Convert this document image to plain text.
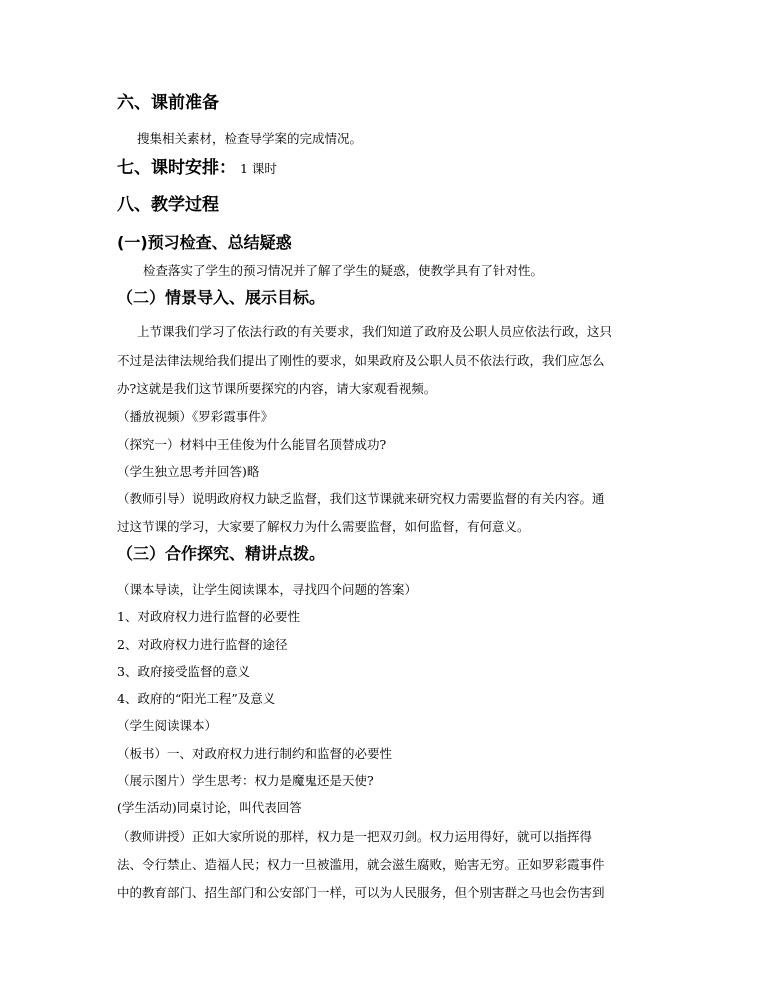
六、课前准备
搜集相关素材，检查导学案的完成情况。
七、课时安排： 1 课时
八、教学过程
(一)预习检查、总结疑惑
检查落实了学生的预习情况并了解了学生的疑惑，使教学具有了针对性。
（二）情景导入、展示目标。
上节课我们学习了依法行政的有关要求，我们知道了政府及公职人员应依法行政，这只
不过是法律法规给我们提出了刚性的要求，如果政府及公职人员不依法行政，我们应怎么
办?这就是我们这节课所要探究的内容，请大家观看视频。
（播放视频）《罗彩霞事件》
（探究一）材料中王佳俊为什么能冒名顶替成功?
（学生独立思考并回答)略
（教师引导）说明政府权力缺乏监督，我们这节课就来研究权力需要监督的有关内容。通
过这节课的学习，大家要了解权力为什么需要监督，如何监督，有何意义。
（三）合作探究、精讲点拨。
（课本导读，让学生阅读课本，寻找四个问题的答案）
1、对政府权力进行监督的必要性
2、对政府权力进行监督的途径
3、政府接受监督的意义
4、政府的“阳光工程”及意义
（学生阅读课本）
（板书）一、对政府权力进行制约和监督的必要性
（展示图片）学生思考：权力是魔鬼还是天使?
(学生活动)同桌讨论，叫代表回答
（教师讲授）正如大家所说的那样，权力是一把双刃剑。权力运用得好，就可以指挥得
法、令行禁止、造福人民；权力一旦被滥用，就会滋生腐败，贻害无穷。正如罗彩霞事件
中的教育部门、招生部门和公安部门一样，可以为人民服务，但个别害群之马也会伤害到
